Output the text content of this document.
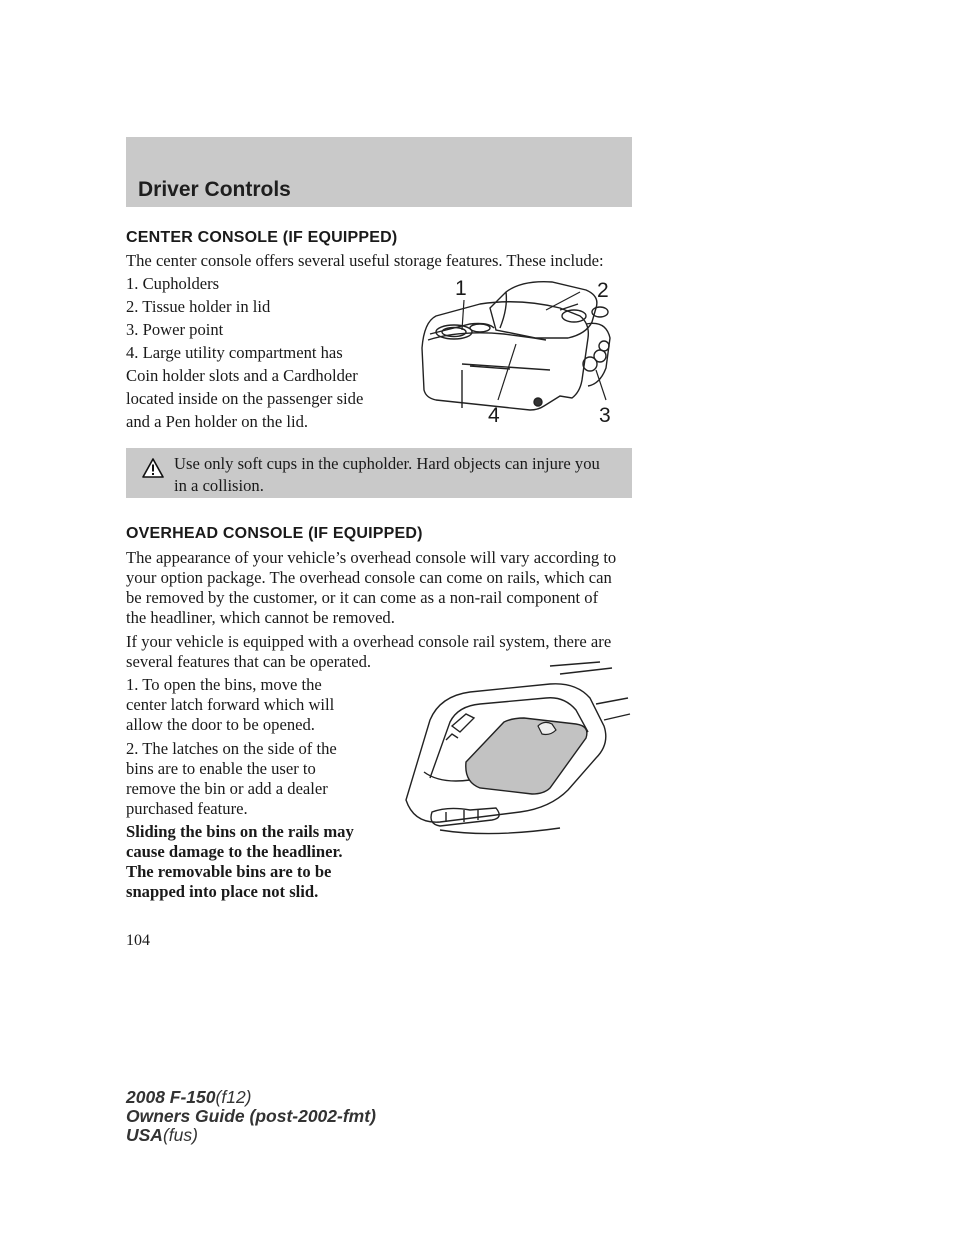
Driver Controls
CENTER CONSOLE (IF EQUIPPED)

The center console offers several useful storage features. These include:

1. Cupholders

2. Tissue holder in lid

3. Power point

4. Large utility compartment has

Coin holder slots and a Cardholder

located inside on the passenger side

and a Pen holder on the lid.

1	2
3
4

Use only soft cups in the cupholder. Hard objects can injure you in a collision.

OVERHEAD CONSOLE (IF EQUIPPED)

The appearance of your vehicle’s overhead console will vary according to

your option package. The overhead console can come on rails, which can

be removed by the customer, or it can come as a non-rail component of

the headliner, which cannot be removed.

If your vehicle is equipped with a overhead console rail system, there are

several features that can be operated.

1. To open the bins, move the

center latch forward which will

allow the door to be opened.

2. The latches on the side of the

bins are to enable the user to

remove the bin or add a dealer

purchased feature.

Sliding the bins on the rails may

cause damage to the headliner.

The removable bins are to be

snapped into place not slid.

104

2008 F-150(f12)
Owners Guide (post-2002-fmt)
USA(fus)
